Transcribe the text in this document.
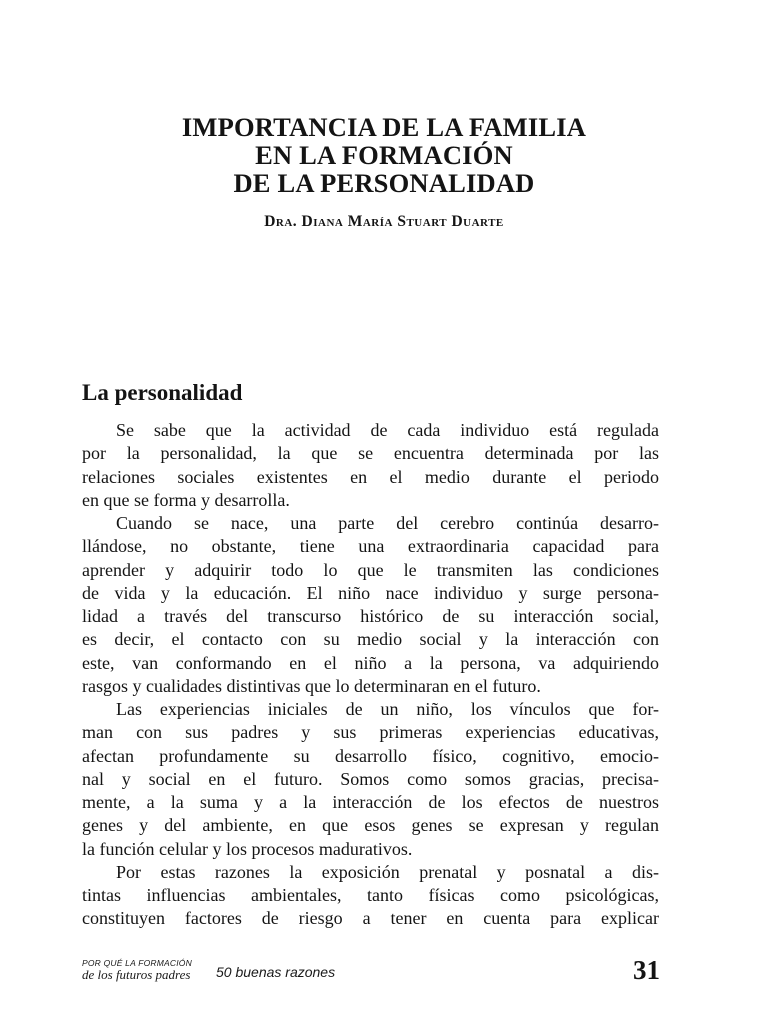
IMPORTANCIA DE LA FAMILIA
EN LA FORMACIÓN
DE LA PERSONALIDAD
Dra. Diana María Stuart Duarte
La personalidad
Se sabe que la actividad de cada individuo está regulada
por la personalidad, la que se encuentra determinada por las
relaciones sociales existentes en el medio durante el periodo
en que se forma y desarrolla.
Cuando se nace, una parte del cerebro continúa desarro-
llándose, no obstante, tiene una extraordinaria capacidad para
aprender y adquirir todo lo que le transmiten las condiciones
de vida y la educación. El niño nace individuo y surge persona-
lidad a través del transcurso histórico de su interacción social,
es decir, el contacto con su medio social y la interacción con
este, van conformando en el niño a la persona, va adquiriendo
rasgos y cualidades distintivas que lo determinaran en el futuro.
Las experiencias iniciales de un niño, los vínculos que for-
man con sus padres y sus primeras experiencias educativas,
afectan profundamente su desarrollo físico, cognitivo, emocio-
nal y social en el futuro. Somos como somos gracias, precisa-
mente, a la suma y a la interacción de los efectos de nuestros
genes y del ambiente, en que esos genes se expresan y regulan
la función celular y los procesos madurativos.
Por estas razones la exposición prenatal y posnatal a dis-
tintas influencias ambientales, tanto físicas como psicológicas,
constituyen factores de riesgo a tener en cuenta para explicar
POR QUÉ LA FORMACIÓN
de los futuros padres	50 buenas razones	31
